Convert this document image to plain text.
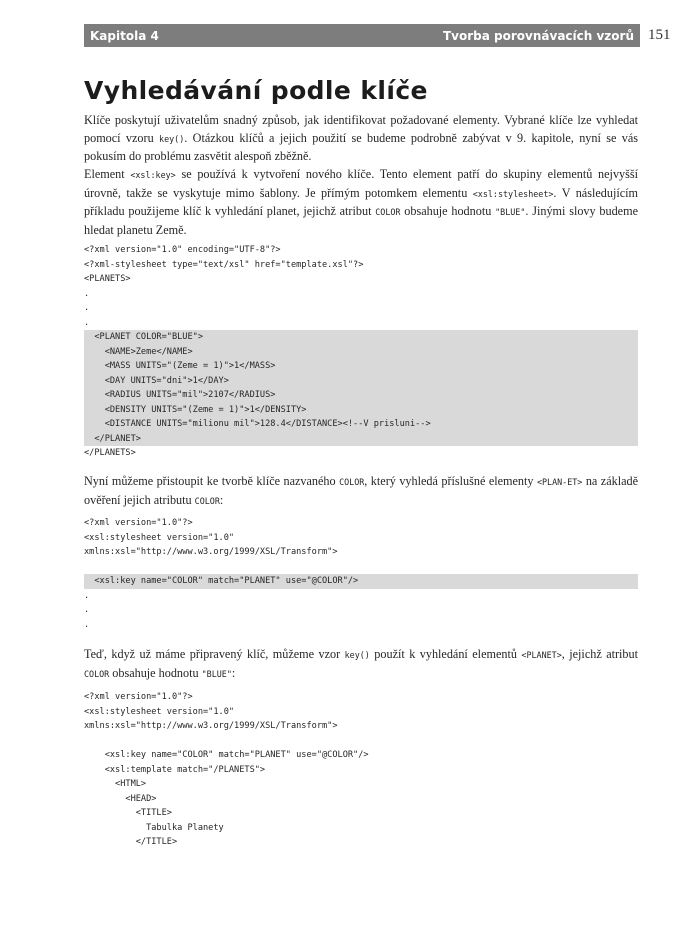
Kapitola 4	Tvorba porovnávacích vzorů 151
Vyhledávání podle klíče

Klíče poskytují uživatelům snadný způsob, jak identifikovat požadované elementy. Vybrané klíče lze vyhledat pomocí vzoru key(). Otázkou klíčů a jejich použití se budeme podrobně zabývat v 9. kapitole, nyní se vás pokusím do problému zasvětit alespoň zběžně.

Element <xsl:key> se používá k vytvoření nového klíče. Tento element patří do skupiny elementů nejvyšší úrovně, takže se vyskytuje mimo šablony. Je přímým potomkem elementu <xsl:stylesheet>. V následujícím příkladu použijeme klíč k vyhledání planet, jejichž atribut COLOR obsahuje hodnotu "BLUE". Jinými slovy budeme hledat planetu Země.

<?xml version="1.0" encoding="UTF-8"?>
<?xml-stylesheet type="text/xsl" href="template.xsl"?>
<PLANETS>
.
.
.
<PLANET COLOR="BLUE">
<NAME>Zeme</NAME>
<MASS UNITS="(Zeme = 1)">1</MASS>
<DAY UNITS="dni">1</DAY>
<RADIUS UNITS="mil">2107</RADIUS>
<DENSITY UNITS="(Zeme = 1)">1</DENSITY>
<DISTANCE UNITS="milionu mil">128.4</DISTANCE><!--V prisluni-->
</PLANET>
</PLANETS>

Nyní můžeme přistoupit ke tvorbě klíče nazvaného COLOR, který vyhledá příslušné elementy <PLAN-ET> na základě ověření jejich atributu COLOR:

<?xml version="1.0"?>
<xsl:stylesheet version="1.0"
xmlns:xsl="http://www.w3.org/1999/XSL/Transform">
<xsl:key name="COLOR" match="PLANET" use="@COLOR"/>
.
.
.

Teď, když už máme připravený klíč, můžeme vzor key() použít k vyhledání elementů <PLANET>, jejichž atribut COLOR obsahuje hodnotu "BLUE":

<?xml version="1.0"?>
<xsl:stylesheet version="1.0"
xmlns:xsl="http://www.w3.org/1999/XSL/Transform">
<xsl:key name="COLOR" match="PLANET" use="@COLOR"/>
<xsl:template match="/PLANETS">
<HTML>
<HEAD>
<TITLE>
Tabulka Planety
</TITLE>
